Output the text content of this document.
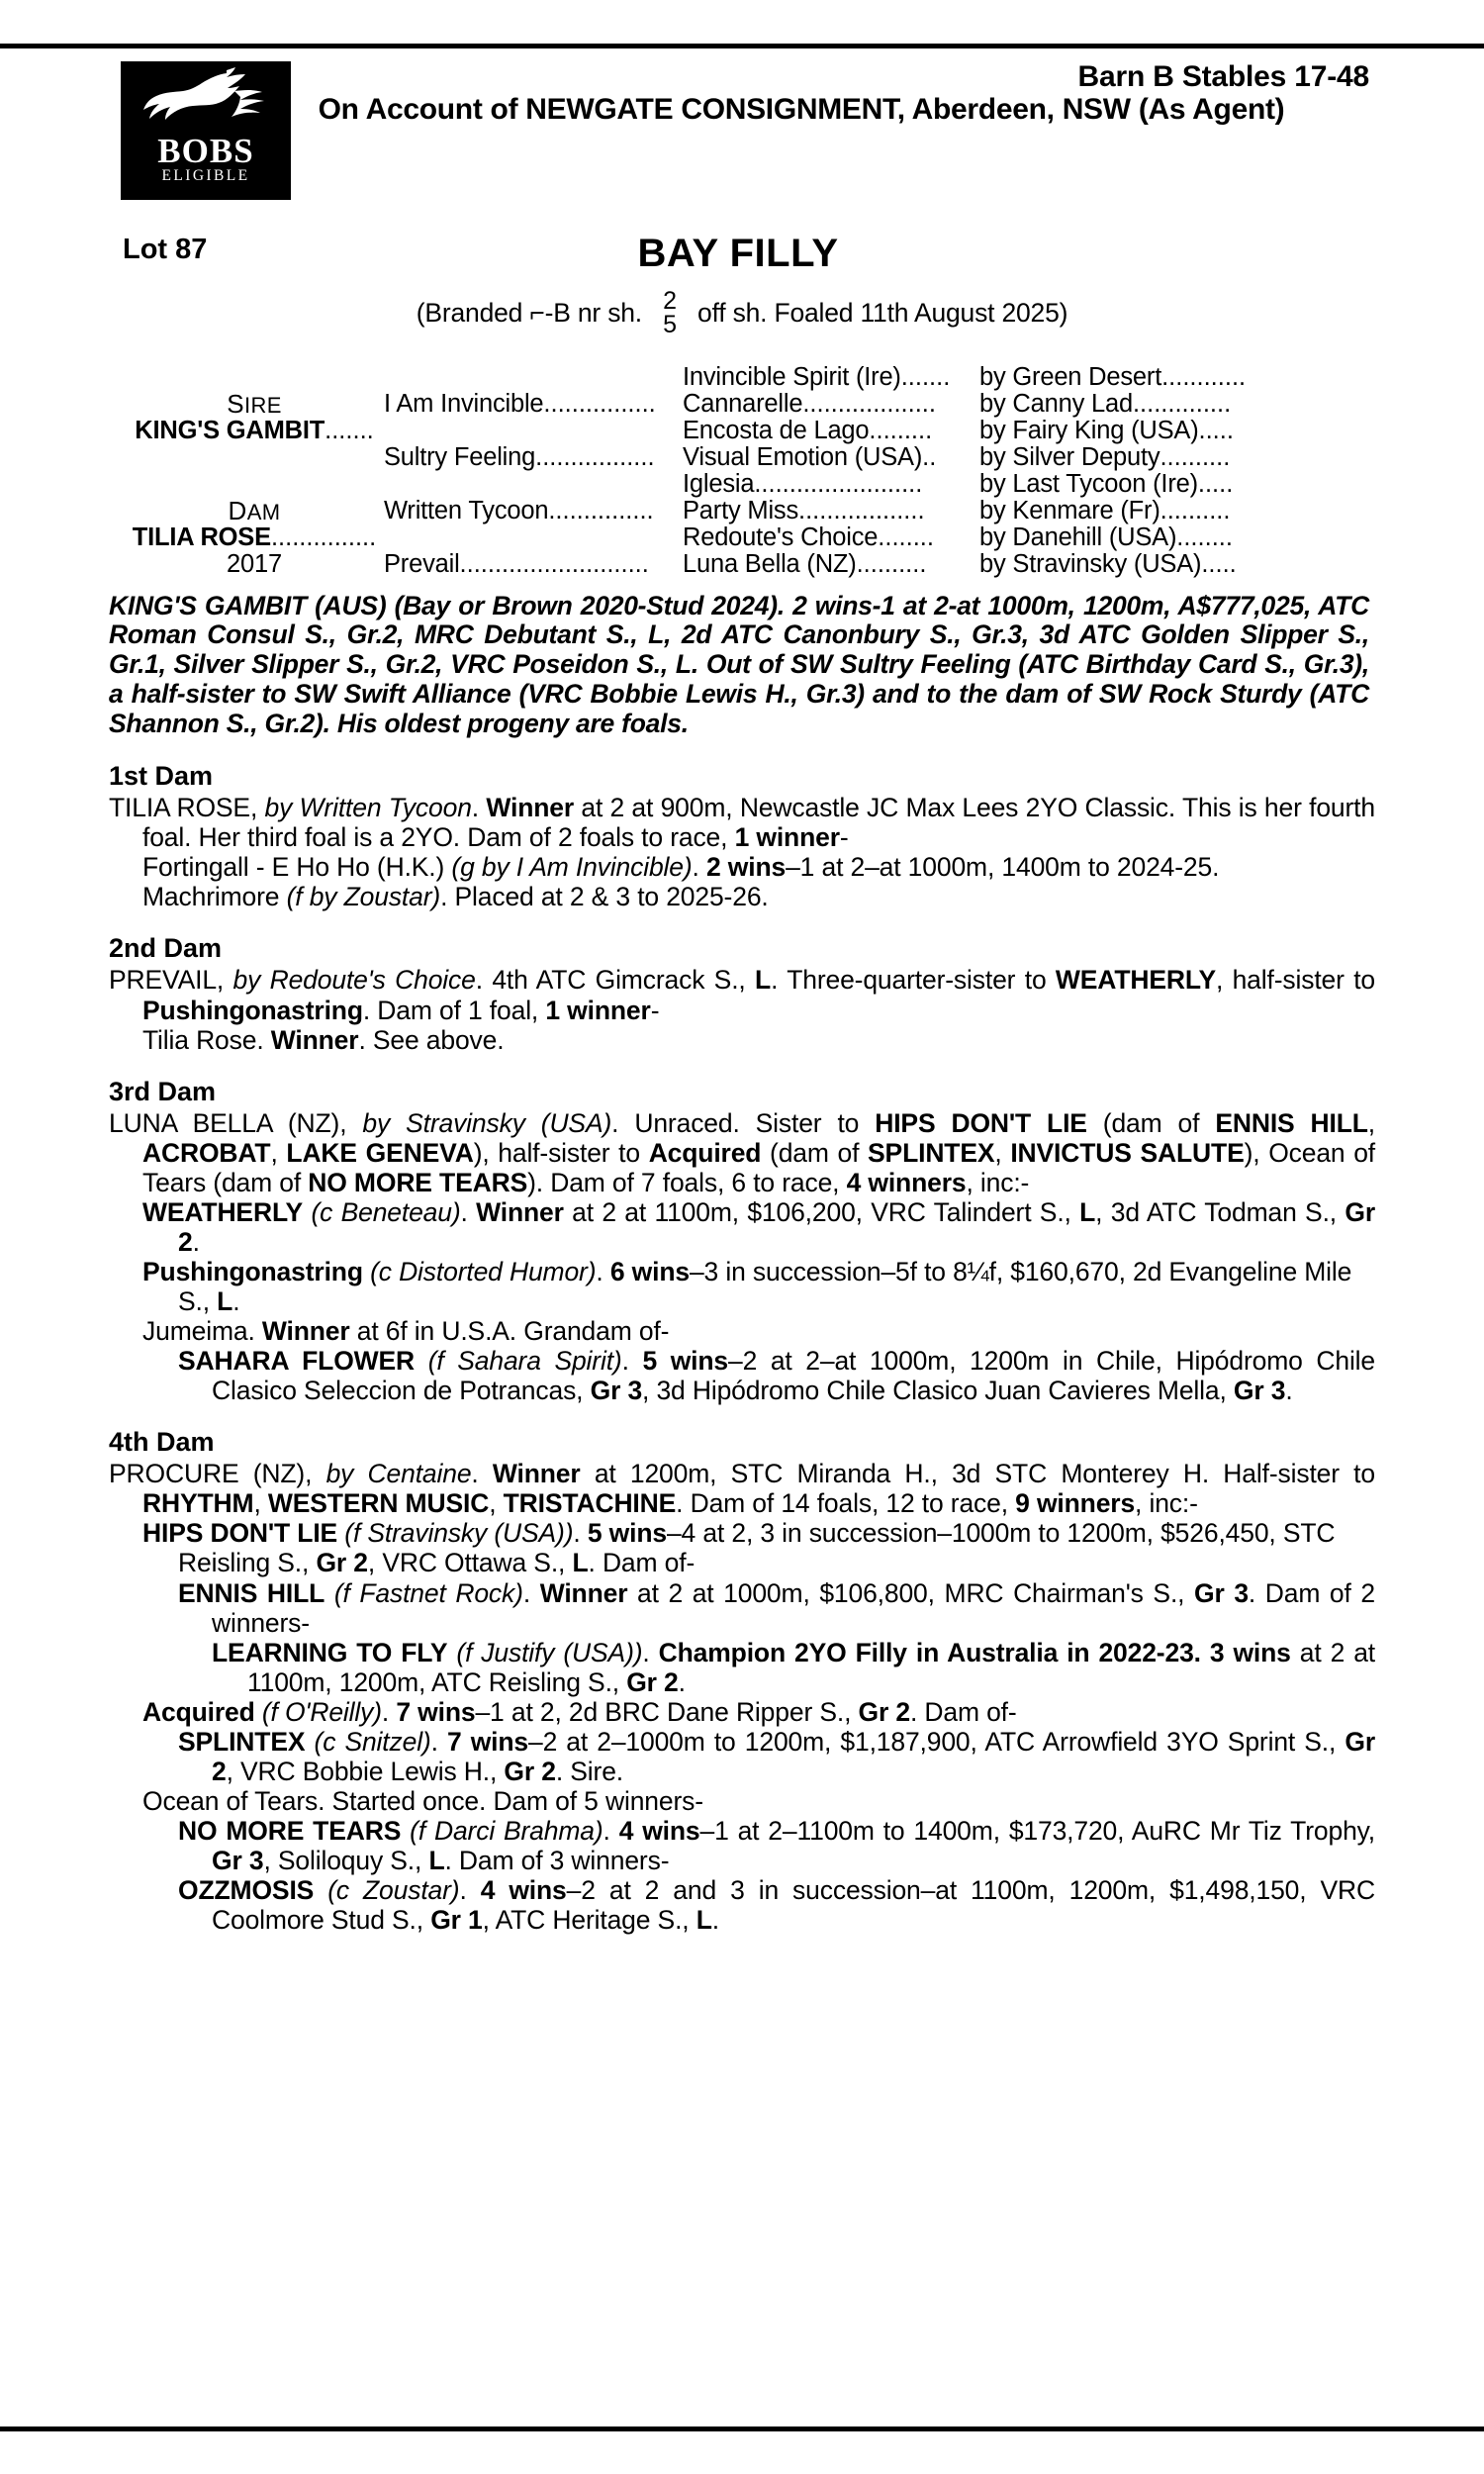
BOBS
ELIGIBLE
Barn B Stables 17-48
On Account of NEWGATE CONSIGNMENT, Aberdeen, NSW (As Agent)
Lot 87	BAY FILLY
(Branded ⌐-B nr sh. 2
5 off sh. Foaled 11th August 2025)
SIRE
KING'S GAMBIT.......
DAM
TILIA ROSE...............
2017
I Am Invincible................
Sultry Feeling.................
Written Tycoon...............
Prevail...........................
Invincible Spirit (Ire).......
Cannarelle...................
Encosta de Lago.........
Visual Emotion (USA)..
Iglesia........................
Party Miss..................
Redoute's Choice........
Luna Bella (NZ)..........
by Green Desert............
by Canny Lad..............
by Fairy King (USA).....
by Silver Deputy..........
by Last Tycoon (Ire).....
by Kenmare (Fr)..........
by Danehill (USA)........
by Stravinsky (USA).....
KING'S GAMBIT (AUS) (Bay or Brown 2020-Stud 2024). 2 wins-1 at 2-at 1000m, 1200m, A$777,025, ATC Roman Consul S., Gr.2, MRC Debutant S., L, 2d ATC Canonbury S., Gr.3, 3d ATC Golden Slipper S., Gr.1, Silver Slipper S., Gr.2, VRC Poseidon S., L. Out of SW Sultry Feeling (ATC Birthday Card S., Gr.3), a half-sister to SW Swift Alliance (VRC Bobbie Lewis H., Gr.3) and to the dam of SW Rock Sturdy (ATC Shannon S., Gr.2). His oldest progeny are foals.
1st Dam
TILIA ROSE, by Written Tycoon. Winner at 2 at 900m, Newcastle JC Max Lees 2YO Classic. This is her fourth foal. Her third foal is a 2YO. Dam of 2 foals to race, 1 winner-
Fortingall - E Ho Ho (H.K.) (g by I Am Invincible). 2 wins–1 at 2–at 1000m, 1400m to 2024-25.
Machrimore (f by Zoustar). Placed at 2 & 3 to 2025-26.
2nd Dam
PREVAIL, by Redoute's Choice. 4th ATC Gimcrack S., L. Three-quarter-sister to WEATHERLY, half-sister to Pushingonastring. Dam of 1 foal, 1 winner-
Tilia Rose. Winner. See above.
3rd Dam
LUNA BELLA (NZ), by Stravinsky (USA). Unraced. Sister to HIPS DON'T LIE (dam of ENNIS HILL, ACROBAT, LAKE GENEVA), half-sister to Acquired (dam of SPLINTEX, INVICTUS SALUTE), Ocean of Tears (dam of NO MORE TEARS). Dam of 7 foals, 6 to race, 4 winners, inc:-
WEATHERLY (c Beneteau). Winner at 2 at 1100m, $106,200, VRC Talindert S., L, 3d ATC Todman S., Gr 2.
Pushingonastring (c Distorted Humor). 6 wins–3 in succession–5f to 8¼f, $160,670, 2d Evangeline Mile S., L.
Jumeima. Winner at 6f in U.S.A. Grandam of-
SAHARA FLOWER (f Sahara Spirit). 5 wins–2 at 2–at 1000m, 1200m in Chile, Hipódromo Chile Clasico Seleccion de Potrancas, Gr 3, 3d Hipódromo Chile Clasico Juan Cavieres Mella, Gr 3.
4th Dam
PROCURE (NZ), by Centaine. Winner at 1200m, STC Miranda H., 3d STC Monterey H. Half-sister to RHYTHM, WESTERN MUSIC, TRISTACHINE. Dam of 14 foals, 12 to race, 9 winners, inc:-
HIPS DON'T LIE (f Stravinsky (USA)). 5 wins–4 at 2, 3 in succession–1000m to 1200m, $526,450, STC Reisling S., Gr 2, VRC Ottawa S., L. Dam of-
ENNIS HILL (f Fastnet Rock). Winner at 2 at 1000m, $106,800, MRC Chairman's S., Gr 3. Dam of 2 winners-
LEARNING TO FLY (f Justify (USA)). Champion 2YO Filly in Australia in 2022-23. 3 wins at 2 at 1100m, 1200m, ATC Reisling S., Gr 2.
Acquired (f O'Reilly). 7 wins–1 at 2, 2d BRC Dane Ripper S., Gr 2. Dam of-
SPLINTEX (c Snitzel). 7 wins–2 at 2–1000m to 1200m, $1,187,900, ATC Arrowfield 3YO Sprint S., Gr 2, VRC Bobbie Lewis H., Gr 2. Sire.
Ocean of Tears. Started once. Dam of 5 winners-
NO MORE TEARS (f Darci Brahma). 4 wins–1 at 2–1100m to 1400m, $173,720, AuRC Mr Tiz Trophy, Gr 3, Soliloquy S., L. Dam of 3 winners-
OZZMOSIS (c Zoustar). 4 wins–2 at 2 and 3 in succession–at 1100m, 1200m, $1,498,150, VRC Coolmore Stud S., Gr 1, ATC Heritage S., L.
